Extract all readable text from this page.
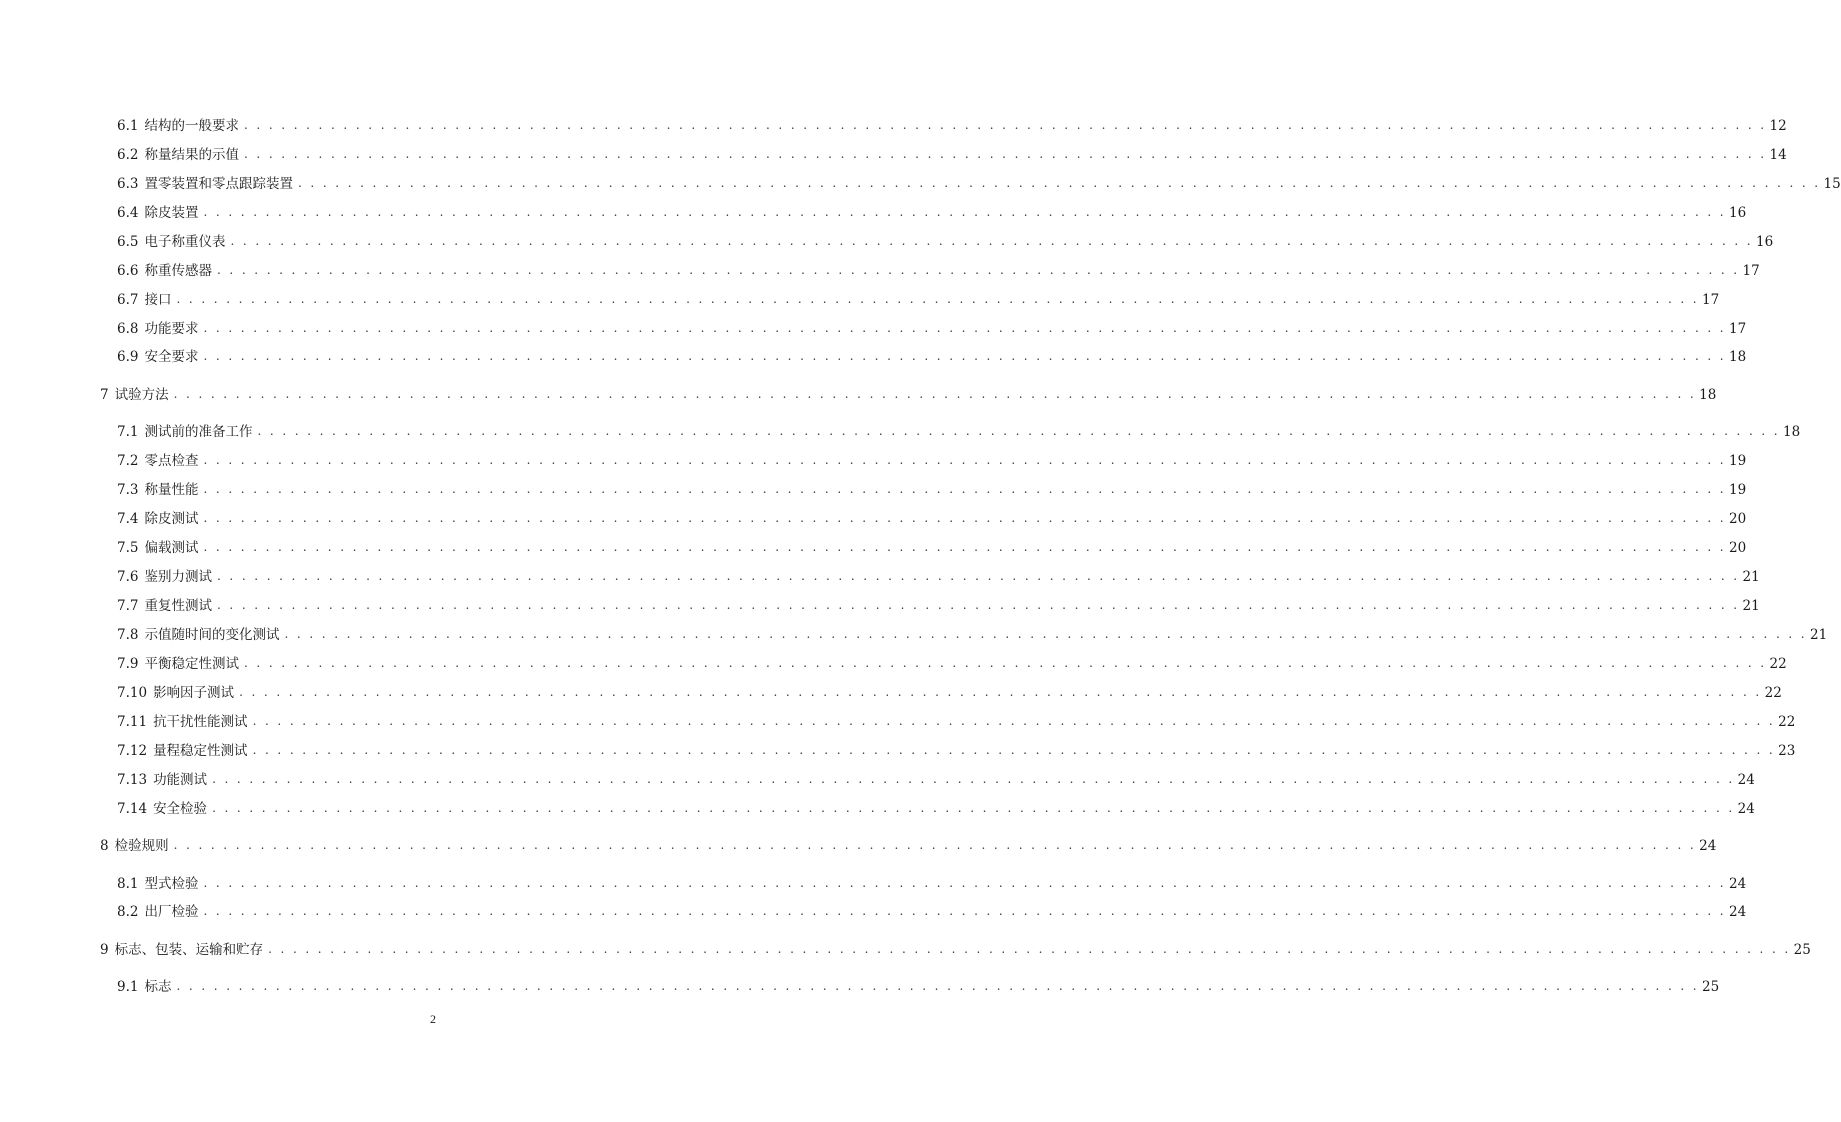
6.1 结构的一般要求 . . . . . . . . . . . . . . . . . . . . . . . . . . . . . . . . . . . . . . . . . . . . . . . . . . . . . . . . . . . . . . . . . . . . . . . . . . . . . . . . . . . . . . . . . . . . . . . . . . . . . . . . . . . . . . . . . . . . . . . . . . . 12
6.2 称量结果的示值 . . . . . . . . . . . . . . . . . . . . . . . . . . . . . . . . . . . . . . . . . . . . . . . . . . . . . . . . . . . . . . . . . . . . . . . . . . . . . . . . . . . . . . . . . . . . . . . . . . . . . . . . . . . . . . . . . . . . . . . . . . . 14
6.3 置零装置和零点跟踪装置 . . . . . . . . . . . . . . . . . . . . . . . . . . . . . . . . . . . . . . . . . . . . . . . . . . . . . . . . . . . . . . . . . . . . . . . . . . . . . . . . . . . . . . . . . . . . . . . . . . . . . . . . . . . . . . . . . . . . . . . . . . . 15
6.4 除皮装置 . . . . . . . . . . . . . . . . . . . . . . . . . . . . . . . . . . . . . . . . . . . . . . . . . . . . . . . . . . . . . . . . . . . . . . . . . . . . . . . . . . . . . . . . . . . . . . . . . . . . . . . . . . . . . . . . . . . . . . . . . . . 16
6.5 电子称重仪表 . . . . . . . . . . . . . . . . . . . . . . . . . . . . . . . . . . . . . . . . . . . . . . . . . . . . . . . . . . . . . . . . . . . . . . . . . . . . . . . . . . . . . . . . . . . . . . . . . . . . . . . . . . . . . . . . . . . . . . . . . . . 16
6.6 称重传感器 . . . . . . . . . . . . . . . . . . . . . . . . . . . . . . . . . . . . . . . . . . . . . . . . . . . . . . . . . . . . . . . . . . . . . . . . . . . . . . . . . . . . . . . . . . . . . . . . . . . . . . . . . . . . . . . . . . . . . . . . . . . 17
6.7 接口 . . . . . . . . . . . . . . . . . . . . . . . . . . . . . . . . . . . . . . . . . . . . . . . . . . . . . . . . . . . . . . . . . . . . . . . . . . . . . . . . . . . . . . . . . . . . . . . . . . . . . . . . . . . . . . . . . . . . . . . . . . . 17
6.8 功能要求 . . . . . . . . . . . . . . . . . . . . . . . . . . . . . . . . . . . . . . . . . . . . . . . . . . . . . . . . . . . . . . . . . . . . . . . . . . . . . . . . . . . . . . . . . . . . . . . . . . . . . . . . . . . . . . . . . . . . . . . . . . . 17
6.9 安全要求 . . . . . . . . . . . . . . . . . . . . . . . . . . . . . . . . . . . . . . . . . . . . . . . . . . . . . . . . . . . . . . . . . . . . . . . . . . . . . . . . . . . . . . . . . . . . . . . . . . . . . . . . . . . . . . . . . . . . . . . . . . . 18
7 试验方法 . . . . . . . . . . . . . . . . . . . . . . . . . . . . . . . . . . . . . . . . . . . . . . . . . . . . . . . . . . . . . . . . . . . . . . . . . . . . . . . . . . . . . . . . . . . . . . . . . . . . . . . . . . . . . . . . . . . . . . . . . . . 18
7.1 测试前的准备工作 . . . . . . . . . . . . . . . . . . . . . . . . . . . . . . . . . . . . . . . . . . . . . . . . . . . . . . . . . . . . . . . . . . . . . . . . . . . . . . . . . . . . . . . . . . . . . . . . . . . . . . . . . . . . . . . . . . . . . . . . . . . 18
7.2 零点检查 . . . . . . . . . . . . . . . . . . . . . . . . . . . . . . . . . . . . . . . . . . . . . . . . . . . . . . . . . . . . . . . . . . . . . . . . . . . . . . . . . . . . . . . . . . . . . . . . . . . . . . . . . . . . . . . . . . . . . . . . . . . 19
7.3 称量性能 . . . . . . . . . . . . . . . . . . . . . . . . . . . . . . . . . . . . . . . . . . . . . . . . . . . . . . . . . . . . . . . . . . . . . . . . . . . . . . . . . . . . . . . . . . . . . . . . . . . . . . . . . . . . . . . . . . . . . . . . . . . 19
7.4 除皮测试 . . . . . . . . . . . . . . . . . . . . . . . . . . . . . . . . . . . . . . . . . . . . . . . . . . . . . . . . . . . . . . . . . . . . . . . . . . . . . . . . . . . . . . . . . . . . . . . . . . . . . . . . . . . . . . . . . . . . . . . . . . . 20
7.5 偏载测试 . . . . . . . . . . . . . . . . . . . . . . . . . . . . . . . . . . . . . . . . . . . . . . . . . . . . . . . . . . . . . . . . . . . . . . . . . . . . . . . . . . . . . . . . . . . . . . . . . . . . . . . . . . . . . . . . . . . . . . . . . . . 20
7.6 鉴别力测试 . . . . . . . . . . . . . . . . . . . . . . . . . . . . . . . . . . . . . . . . . . . . . . . . . . . . . . . . . . . . . . . . . . . . . . . . . . . . . . . . . . . . . . . . . . . . . . . . . . . . . . . . . . . . . . . . . . . . . . . . . . . 21
7.7 重复性测试 . . . . . . . . . . . . . . . . . . . . . . . . . . . . . . . . . . . . . . . . . . . . . . . . . . . . . . . . . . . . . . . . . . . . . . . . . . . . . . . . . . . . . . . . . . . . . . . . . . . . . . . . . . . . . . . . . . . . . . . . . . . 21
7.8 示值随时间的变化测试 . . . . . . . . . . . . . . . . . . . . . . . . . . . . . . . . . . . . . . . . . . . . . . . . . . . . . . . . . . . . . . . . . . . . . . . . . . . . . . . . . . . . . . . . . . . . . . . . . . . . . . . . . . . . . . . . . . . . . . . . . . . 21
7.9 平衡稳定性测试 . . . . . . . . . . . . . . . . . . . . . . . . . . . . . . . . . . . . . . . . . . . . . . . . . . . . . . . . . . . . . . . . . . . . . . . . . . . . . . . . . . . . . . . . . . . . . . . . . . . . . . . . . . . . . . . . . . . . . . . . . . . 22
7.10 影响因子测试 . . . . . . . . . . . . . . . . . . . . . . . . . . . . . . . . . . . . . . . . . . . . . . . . . . . . . . . . . . . . . . . . . . . . . . . . . . . . . . . . . . . . . . . . . . . . . . . . . . . . . . . . . . . . . . . . . . . . . . . . . . . 22
7.11 抗干扰性能测试 . . . . . . . . . . . . . . . . . . . . . . . . . . . . . . . . . . . . . . . . . . . . . . . . . . . . . . . . . . . . . . . . . . . . . . . . . . . . . . . . . . . . . . . . . . . . . . . . . . . . . . . . . . . . . . . . . . . . . . . . . . . 22
7.12 量程稳定性测试 . . . . . . . . . . . . . . . . . . . . . . . . . . . . . . . . . . . . . . . . . . . . . . . . . . . . . . . . . . . . . . . . . . . . . . . . . . . . . . . . . . . . . . . . . . . . . . . . . . . . . . . . . . . . . . . . . . . . . . . . . . . 23
7.13 功能测试 . . . . . . . . . . . . . . . . . . . . . . . . . . . . . . . . . . . . . . . . . . . . . . . . . . . . . . . . . . . . . . . . . . . . . . . . . . . . . . . . . . . . . . . . . . . . . . . . . . . . . . . . . . . . . . . . . . . . . . . . . . . 24
7.14 安全检验 . . . . . . . . . . . . . . . . . . . . . . . . . . . . . . . . . . . . . . . . . . . . . . . . . . . . . . . . . . . . . . . . . . . . . . . . . . . . . . . . . . . . . . . . . . . . . . . . . . . . . . . . . . . . . . . . . . . . . . . . . . . 24
8 检验规则 . . . . . . . . . . . . . . . . . . . . . . . . . . . . . . . . . . . . . . . . . . . . . . . . . . . . . . . . . . . . . . . . . . . . . . . . . . . . . . . . . . . . . . . . . . . . . . . . . . . . . . . . . . . . . . . . . . . . . . . . . . . 24
8.1 型式检验 . . . . . . . . . . . . . . . . . . . . . . . . . . . . . . . . . . . . . . . . . . . . . . . . . . . . . . . . . . . . . . . . . . . . . . . . . . . . . . . . . . . . . . . . . . . . . . . . . . . . . . . . . . . . . . . . . . . . . . . . . . . 24
8.2 出厂检验 . . . . . . . . . . . . . . . . . . . . . . . . . . . . . . . . . . . . . . . . . . . . . . . . . . . . . . . . . . . . . . . . . . . . . . . . . . . . . . . . . . . . . . . . . . . . . . . . . . . . . . . . . . . . . . . . . . . . . . . . . . . 24
9 标志、包装、运输和贮存 . . . . . . . . . . . . . . . . . . . . . . . . . . . . . . . . . . . . . . . . . . . . . . . . . . . . . . . . . . . . . . . . . . . . . . . . . . . . . . . . . . . . . . . . . . . . . . . . . . . . . . . . . . . . . . . . . . . . . . . . . . . 25
9.1 标志 . . . . . . . . . . . . . . . . . . . . . . . . . . . . . . . . . . . . . . . . . . . . . . . . . . . . . . . . . . . . . . . . . . . . . . . . . . . . . . . . . . . . . . . . . . . . . . . . . . . . . . . . . . . . . . . . . . . . . . . . . . . 25
2
